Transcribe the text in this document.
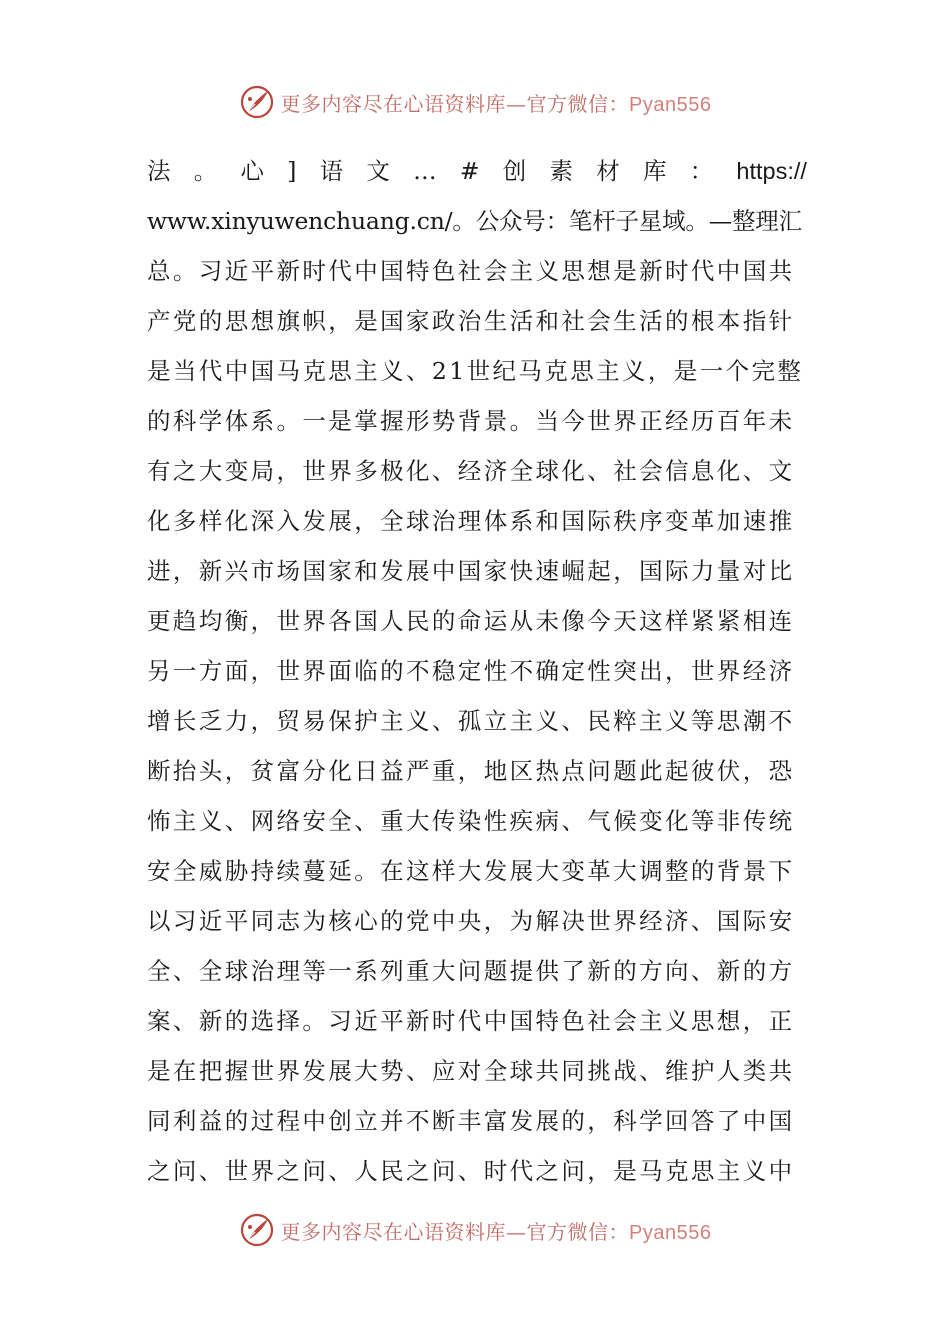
更多内容尽在心语资料库—官方微信：Pyan556
法 。 心 ] 语 文 … # 创 素 材 库 ： https://
www.xinyuwenchuang.cn/。公众号：笔杆子星域。—整理汇
总。习近平新时代中国特色社会主义思想是新时代中国共
产党的思想旗帜，是国家政治生活和社会生活的根本指针
是当代中国马克思主义、21世纪马克思主义，是一个完整
的科学体系。一是掌握形势背景。当今世界正经历百年未
有之大变局，世界多极化、经济全球化、社会信息化、文
化多样化深入发展，全球治理体系和国际秩序变革加速推
进，新兴市场国家和发展中国家快速崛起，国际力量对比
更趋均衡，世界各国人民的命运从未像今天这样紧紧相连
另一方面，世界面临的不稳定性不确定性突出，世界经济
增长乏力，贸易保护主义、孤立主义、民粹主义等思潮不
断抬头，贫富分化日益严重，地区热点问题此起彼伏，恐
怖主义、网络安全、重大传染性疾病、气候变化等非传统
安全威胁持续蔓延。在这样大发展大变革大调整的背景下
以习近平同志为核心的党中央，为解决世界经济、国际安
全、全球治理等一系列重大问题提供了新的方向、新的方
案、新的选择。习近平新时代中国特色社会主义思想，正
是在把握世界发展大势、应对全球共同挑战、维护人类共
同利益的过程中创立并不断丰富发展的，科学回答了中国
之问、世界之问、人民之问、时代之问，是马克思主义中
更多内容尽在心语资料库—官方微信：Pyan556
